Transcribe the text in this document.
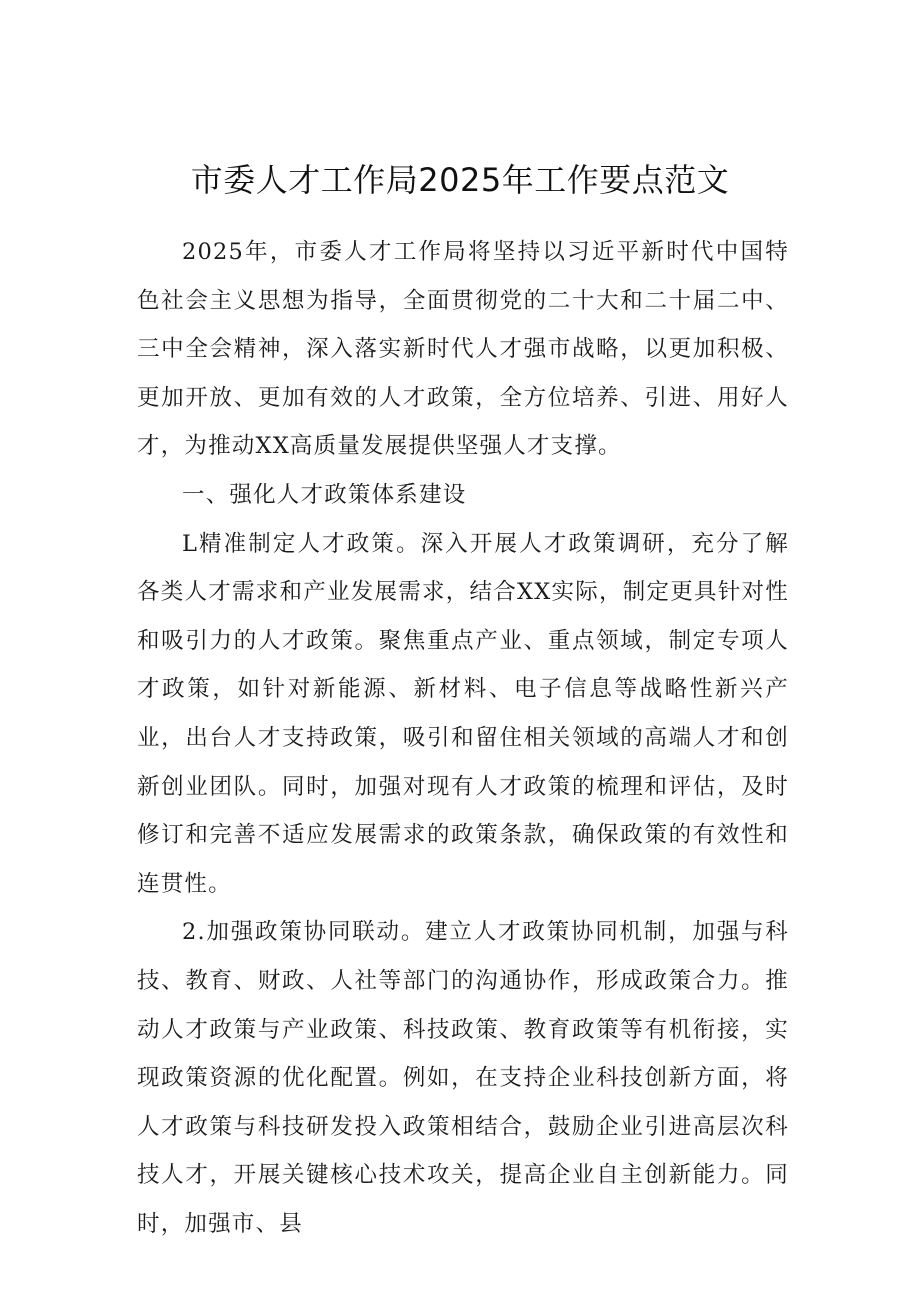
市委人才工作局2025年工作要点范文

2025年，市委人才工作局将坚持以习近平新时代中国特色社会主义思想为指导，全面贯彻党的二十大和二十届二中、三中全会精神，深入落实新时代人才强市战略，以更加积极、更加开放、更加有效的人才政策，全方位培养、引进、用好人才，为推动XX高质量发展提供坚强人才支撑。

一、强化人才政策体系建设

L精准制定人才政策。深入开展人才政策调研，充分了解各类人才需求和产业发展需求，结合XX实际，制定更具针对性和吸引力的人才政策。聚焦重点产业、重点领域，制定专项人才政策，如针对新能源、新材料、电子信息等战略性新兴产业，出台人才支持政策，吸引和留住相关领域的高端人才和创新创业团队。同时，加强对现有人才政策的梳理和评估，及时修订和完善不适应发展需求的政策条款，确保政策的有效性和连贯性。

2.加强政策协同联动。建立人才政策协同机制，加强与科技、教育、财政、人社等部门的沟通协作，形成政策合力。推动人才政策与产业政策、科技政策、教育政策等有机衔接，实现政策资源的优化配置。例如，在支持企业科技创新方面，将人才政策与科技研发投入政策相结合，鼓励企业引进高层次科技人才，开展关键核心技术攻关，提高企业自主创新能力。同时，加强市、县
